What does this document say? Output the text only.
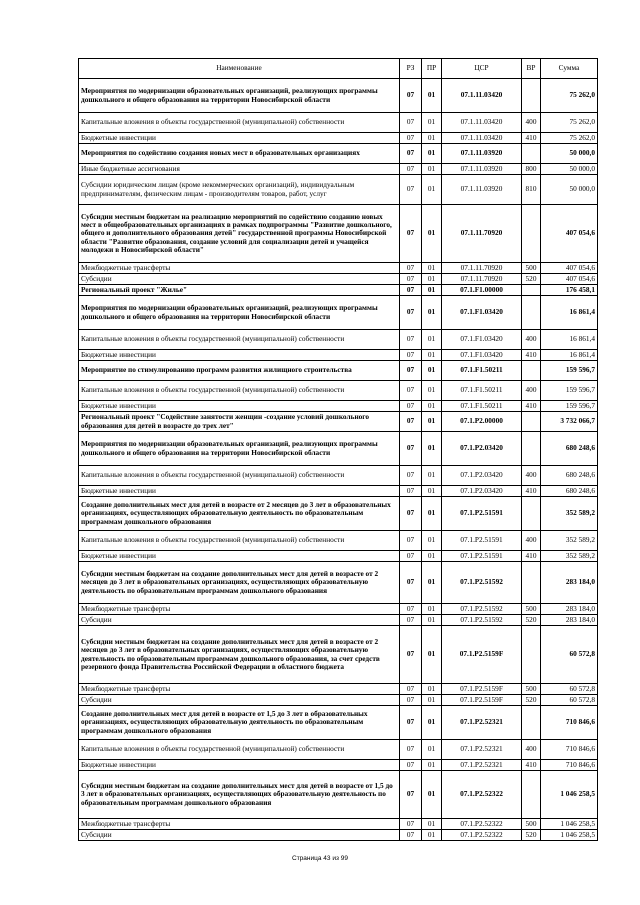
Наименование	РЗ	ПР	ЦСР	ВР	Сумма
Мероприятия по модернизации образовательных организаций, реализующих программы дошкольного и общего образования на территории Новосибирской области	07	01	07.1.11.03420		75 262,0
Капитальные вложения в объекты государственной (муниципальной) собственности	07	01	07.1.11.03420	400	75 262,0
Бюджетные инвестиции	07	01	07.1.11.03420	410	75 262,0
Мероприятия по содействию создания новых мест в образовательных организациях	07	01	07.1.11.03920		50 000,0
Иные бюджетные ассигнования	07	01	07.1.11.03920	800	50 000,0
Субсидии юридическим лицам (кроме некоммерческих организаций), индивидуальным предпринимателям, физическим лицам - производителям товаров, работ, услуг	07	01	07.1.11.03920	810	50 000,0
Субсидии местным бюджетам на реализацию мероприятий по содействию созданию новых мест в общеобразовательных организациях в рамках подпрограммы "Развитие дошкольного, общего и дополнительного образования детей" государственной программы Новосибирской области "Развитие образования, создание условий для социализации детей и учащейся молодежи в Новосибирской области"	07	01	07.1.11.70920		407 054,6
Межбюджетные трансферты	07	01	07.1.11.70920	500	407 054,6
Субсидии	07	01	07.1.11.70920	520	407 054,6
Региональный проект "Жилье"	07	01	07.1.F1.00000		176 458,1
Мероприятия по модернизации образовательных организаций, реализующих программы дошкольного и общего образования на территории Новосибирской области	07	01	07.1.F1.03420		16 861,4
Капитальные вложения в объекты государственной (муниципальной) собственности	07	01	07.1.F1.03420	400	16 861,4
Бюджетные инвестиции	07	01	07.1.F1.03420	410	16 861,4
Мероприятие по стимулированию программ развития жилищного строительства	07	01	07.1.F1.50211		159 596,7
Капитальные вложения в объекты государственной (муниципальной) собственности	07	01	07.1.F1.50211	400	159 596,7
Бюджетные инвестиции	07	01	07.1.F1.50211	410	159 596,7
Региональный проект "Содействие занятости женщин -создание условий дошкольного образования для детей в возрасте до трех лет"	07	01	07.1.P2.00000		3 732 066,7
Мероприятия по модернизации образовательных организаций, реализующих программы дошкольного и общего образования на территории Новосибирской области	07	01	07.1.P2.03420		680 248,6
Капитальные вложения в объекты государственной (муниципальной) собственности	07	01	07.1.P2.03420	400	680 248,6
Бюджетные инвестиции	07	01	07.1.P2.03420	410	680 248,6
Создание дополнительных мест для детей в возрасте от 2 месяцев до 3 лет в образовательных организациях, осуществляющих образовательную деятельность по образовательным программам дошкольного образования	07	01	07.1.P2.51591		352 589,2
Капитальные вложения в объекты государственной (муниципальной) собственности	07	01	07.1.P2.51591	400	352 589,2
Бюджетные инвестиции	07	01	07.1.P2.51591	410	352 589,2
Субсидии местным бюджетам на создание дополнительных мест для детей в возрасте от 2 месяцев до 3 лет в образовательных организациях, осуществляющих образовательную деятельность по образовательным программам дошкольного образования	07	01	07.1.P2.51592		283 184,0
Межбюджетные трансферты	07	01	07.1.P2.51592	500	283 184,0
Субсидии	07	01	07.1.P2.51592	520	283 184,0
Субсидии местным бюджетам на создание дополнительных мест для детей в возрасте от 2 месяцев до 3 лет в образовательных организациях, осуществляющих образовательную деятельность по образовательным программам дошкольного образования, за счет средств резервного фонда Правительства Российской Федерации в областного бюджета	07	01	07.1.P2.5159F		60 572,8
Межбюджетные трансферты	07	01	07.1.P2.5159F	500	60 572,8
Субсидии	07	01	07.1.P2.5159F	520	60 572,8
Создание дополнительных мест для детей в возрасте от 1,5 до 3 лет в образовательных организациях, осуществляющих образовательную деятельность по образовательным программам дошкольного образования	07	01	07.1.P2.52321		710 846,6
Капитальные вложения в объекты государственной (муниципальной) собственности	07	01	07.1.P2.52321	400	710 846,6
Бюджетные инвестиции	07	01	07.1.P2.52321	410	710 846,6
Субсидии местным бюджетам на создание дополнительных мест для детей в возрасте от 1,5 до 3 лет в образовательных организациях, осуществляющих образовательную деятельность по образовательным программам дошкольного образования	07	01	07.1.P2.52322		1 046 258,5
Межбюджетные трансферты	07	01	07.1.P2.52322	500	1 046 258,5
Субсидии	07	01	07.1.P2.52322	520	1 046 258,5
Страница 43 из 99
